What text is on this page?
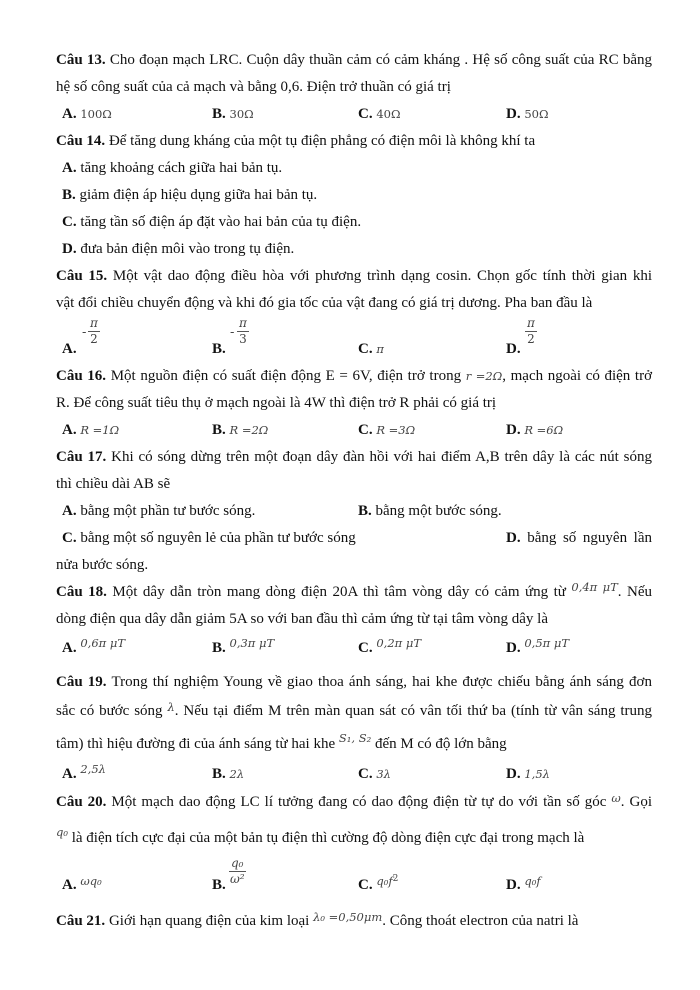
Câu 13. Cho đoạn mạch LRC. Cuộn dây thuần cảm có cảm kháng . Hệ số công suất của RC bằng
hệ số công suất của cả mạch và bằng 0,6. Điện trở thuần có giá trị
A. 100Ω	B. 30Ω	C. 40Ω	D. 50Ω
Câu 14. Để tăng dung kháng của một tụ điện phẳng có điện môi là không khí ta
A. tăng khoảng cách giữa hai bản tụ.
B. giảm điện áp hiệu dụng giữa hai bản tụ.
C. tăng tần số điện áp đặt vào hai bản của tụ điện.
D. đưa bản điện môi vào trong tụ điện.
Câu 15. Một vật dao động điều hòa với phương trình dạng cosin. Chọn gốc tính thời gian khi
vật đổi chiều chuyển động và khi đó gia tốc của vật đang có giá trị dương. Pha ban đầu là
A.
- $\frac{\pi}{2}$
B.
- $\frac{\pi}{3}$
C. π	D.
$\frac{\pi}{2}$
Câu 16. Một nguồn điện có suất điện động E = 6V, điện trở trong r =2Ω, mạch ngoài có điện trở
R. Để công suất tiêu thụ ở mạch ngoài là 4W thì điện trở R phải có giá trị
A. R =1Ω	B. R =2Ω	C. R =3Ω	D. R =6Ω
Câu 17. Khi có sóng dừng trên một đoạn dây đàn hồi với hai điểm A,B trên dây là các nút sóng
thì chiều dài AB sẽ
A. bằng một phần tư bước sóng.	B. bằng một bước sóng.
C. bằng một số nguyên lẻ của phần tư bước sóng	D. bằng số nguyên lần
nửa bước sóng.
Câu 18. Một dây dẫn tròn mang dòng điện 20A thì tâm vòng dây có cảm ứng từ $^{0,4\pi \mu T}$. Nếu
dòng điện qua dây dẫn giảm 5A so với ban đầu thì cảm ứng từ tại tâm vòng dây là
A. $^{0,6\pi \mu T}$	B. $^{0,3\pi \mu T}$	C. $^{0,2\pi \mu T}$	D. $^{0,5\pi \mu T}$
Câu 19. Trong thí nghiệm Young về giao thoa ánh sáng, hai khe được chiếu bằng ánh sáng đơn
sắc có bước sóng $^\lambda$. Nếu tại điểm M trên màn quan sát có vân tối thứ ba (tính từ vân sáng trung
tâm) thì hiệu đường đi của ánh sáng từ hai khe $^{S_1, S_2}$ đến M có độ lớn bằng
A. $^{2,5\lambda}$	B. 2λ	C. 3λ	D. 1,5λ
Câu 20. Một mạch dao động LC lí tưởng đang có dao động điện từ tự do với tần số góc $^\omega$. Gọi
$^{q_0}$ là điện tích cực đại của một bản tụ điện thì cường độ dòng điện cực đại trong mạch là
A. $^{\omega q_0}$	B. $\frac{\text{q₀}}{\text{ω²}}$	C. $^{q_0f2}$	D. $^{q_0f}$
Câu 21. Giới hạn quang điện của kim loại $^{\lambda_0 =0,50\mu m}$. Công thoát electron của natri là
